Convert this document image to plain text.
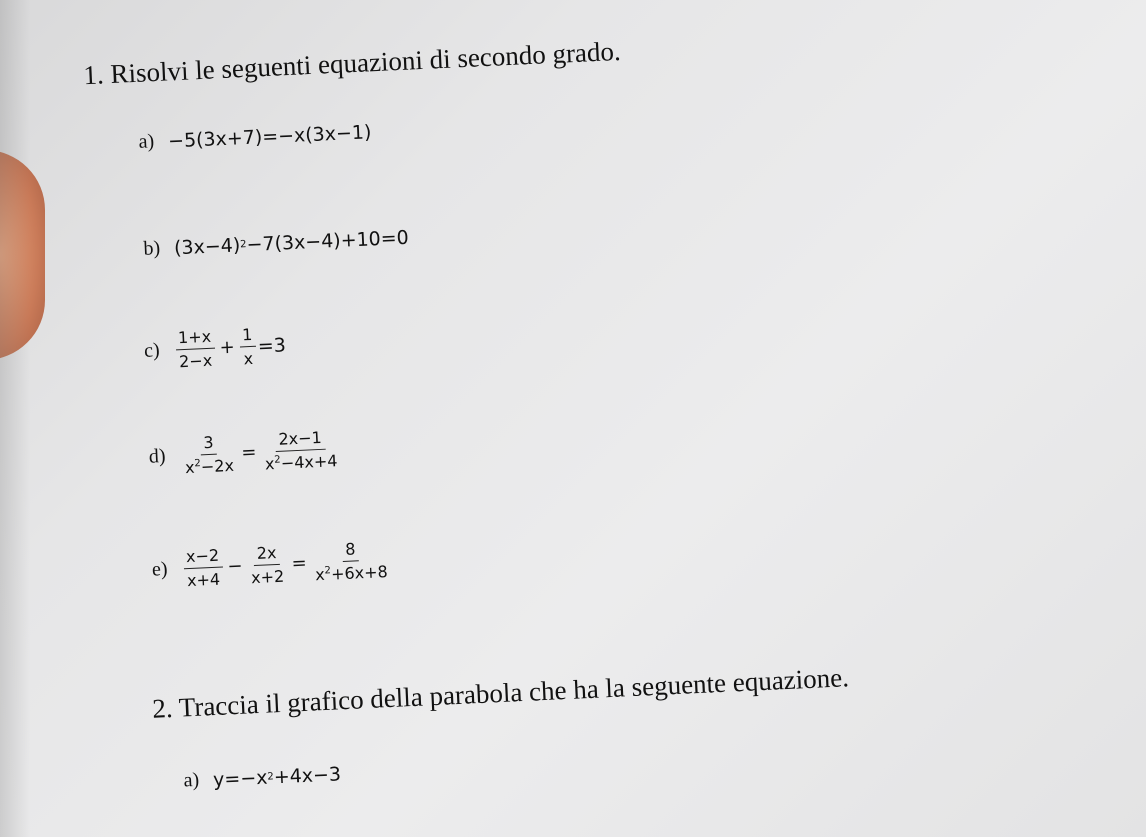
1. Risolvi le seguenti equazioni di secondo grado.
a) −5(3x+7)=−x(3x−1)
b) (3x−4) 2 −7(3x−4)+10=0
$c) \frac{1+x}{2-x} + \frac{1}{x} =3$
$d) \frac{3}{x^2-2x} = \frac{2x-1}{x^2-4x+4}$
$e) \frac{x-2}{x+4} - \frac{2x}{x+2} = \frac{8}{x^2+6x+8}$
2. Traccia il grafico della parabola che ha la seguente equazione.
a) y=−x 2 +4x−3
